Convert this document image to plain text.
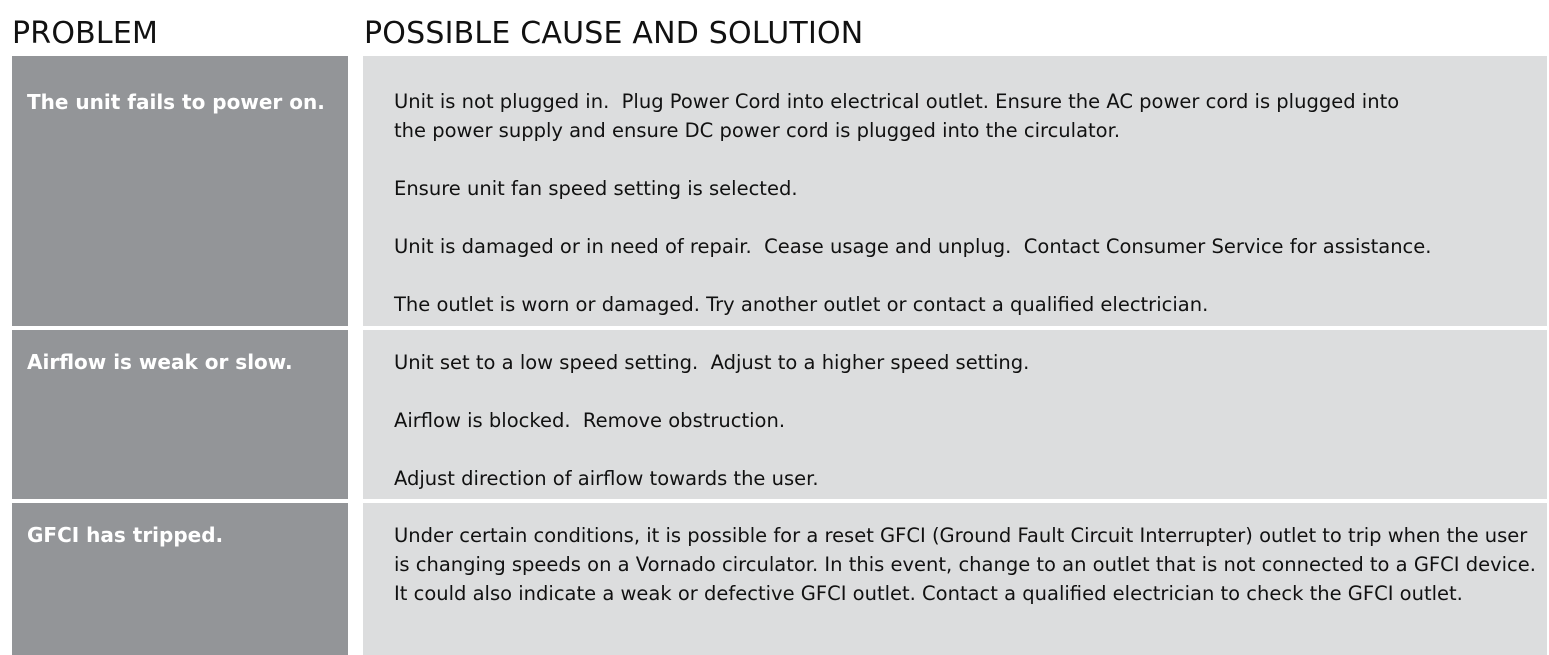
PROBLEM	POSSIBLE CAUSE AND SOLUTION
The unit fails to power on.	Unit is not plugged in.  Plug Power Cord into electrical outlet. Ensure the AC power cord is plugged into
the power supply and ensure DC power cord is plugged into the circulator.

Ensure unit fan speed setting is selected.

Unit is damaged or in need of repair.  Cease usage and unplug.  Contact Consumer Service for assistance.

The outlet is worn or damaged. Try another outlet or contact a qualified electrician.

Airflow is weak or slow.	Unit set to a low speed setting.  Adjust to a higher speed setting.

Airflow is blocked.  Remove obstruction.

Adjust direction of airflow towards the user.

GFCI has tripped.	Under certain conditions, it is possible for a reset GFCI (Ground Fault Circuit Interrupter) outlet to trip when the user is changing speeds on a Vornado circulator. In this event, change to an outlet that is not connected to a GFCI device. It could also indicate a weak or defective GFCI outlet. Contact a qualified electrician to check the GFCI outlet.
